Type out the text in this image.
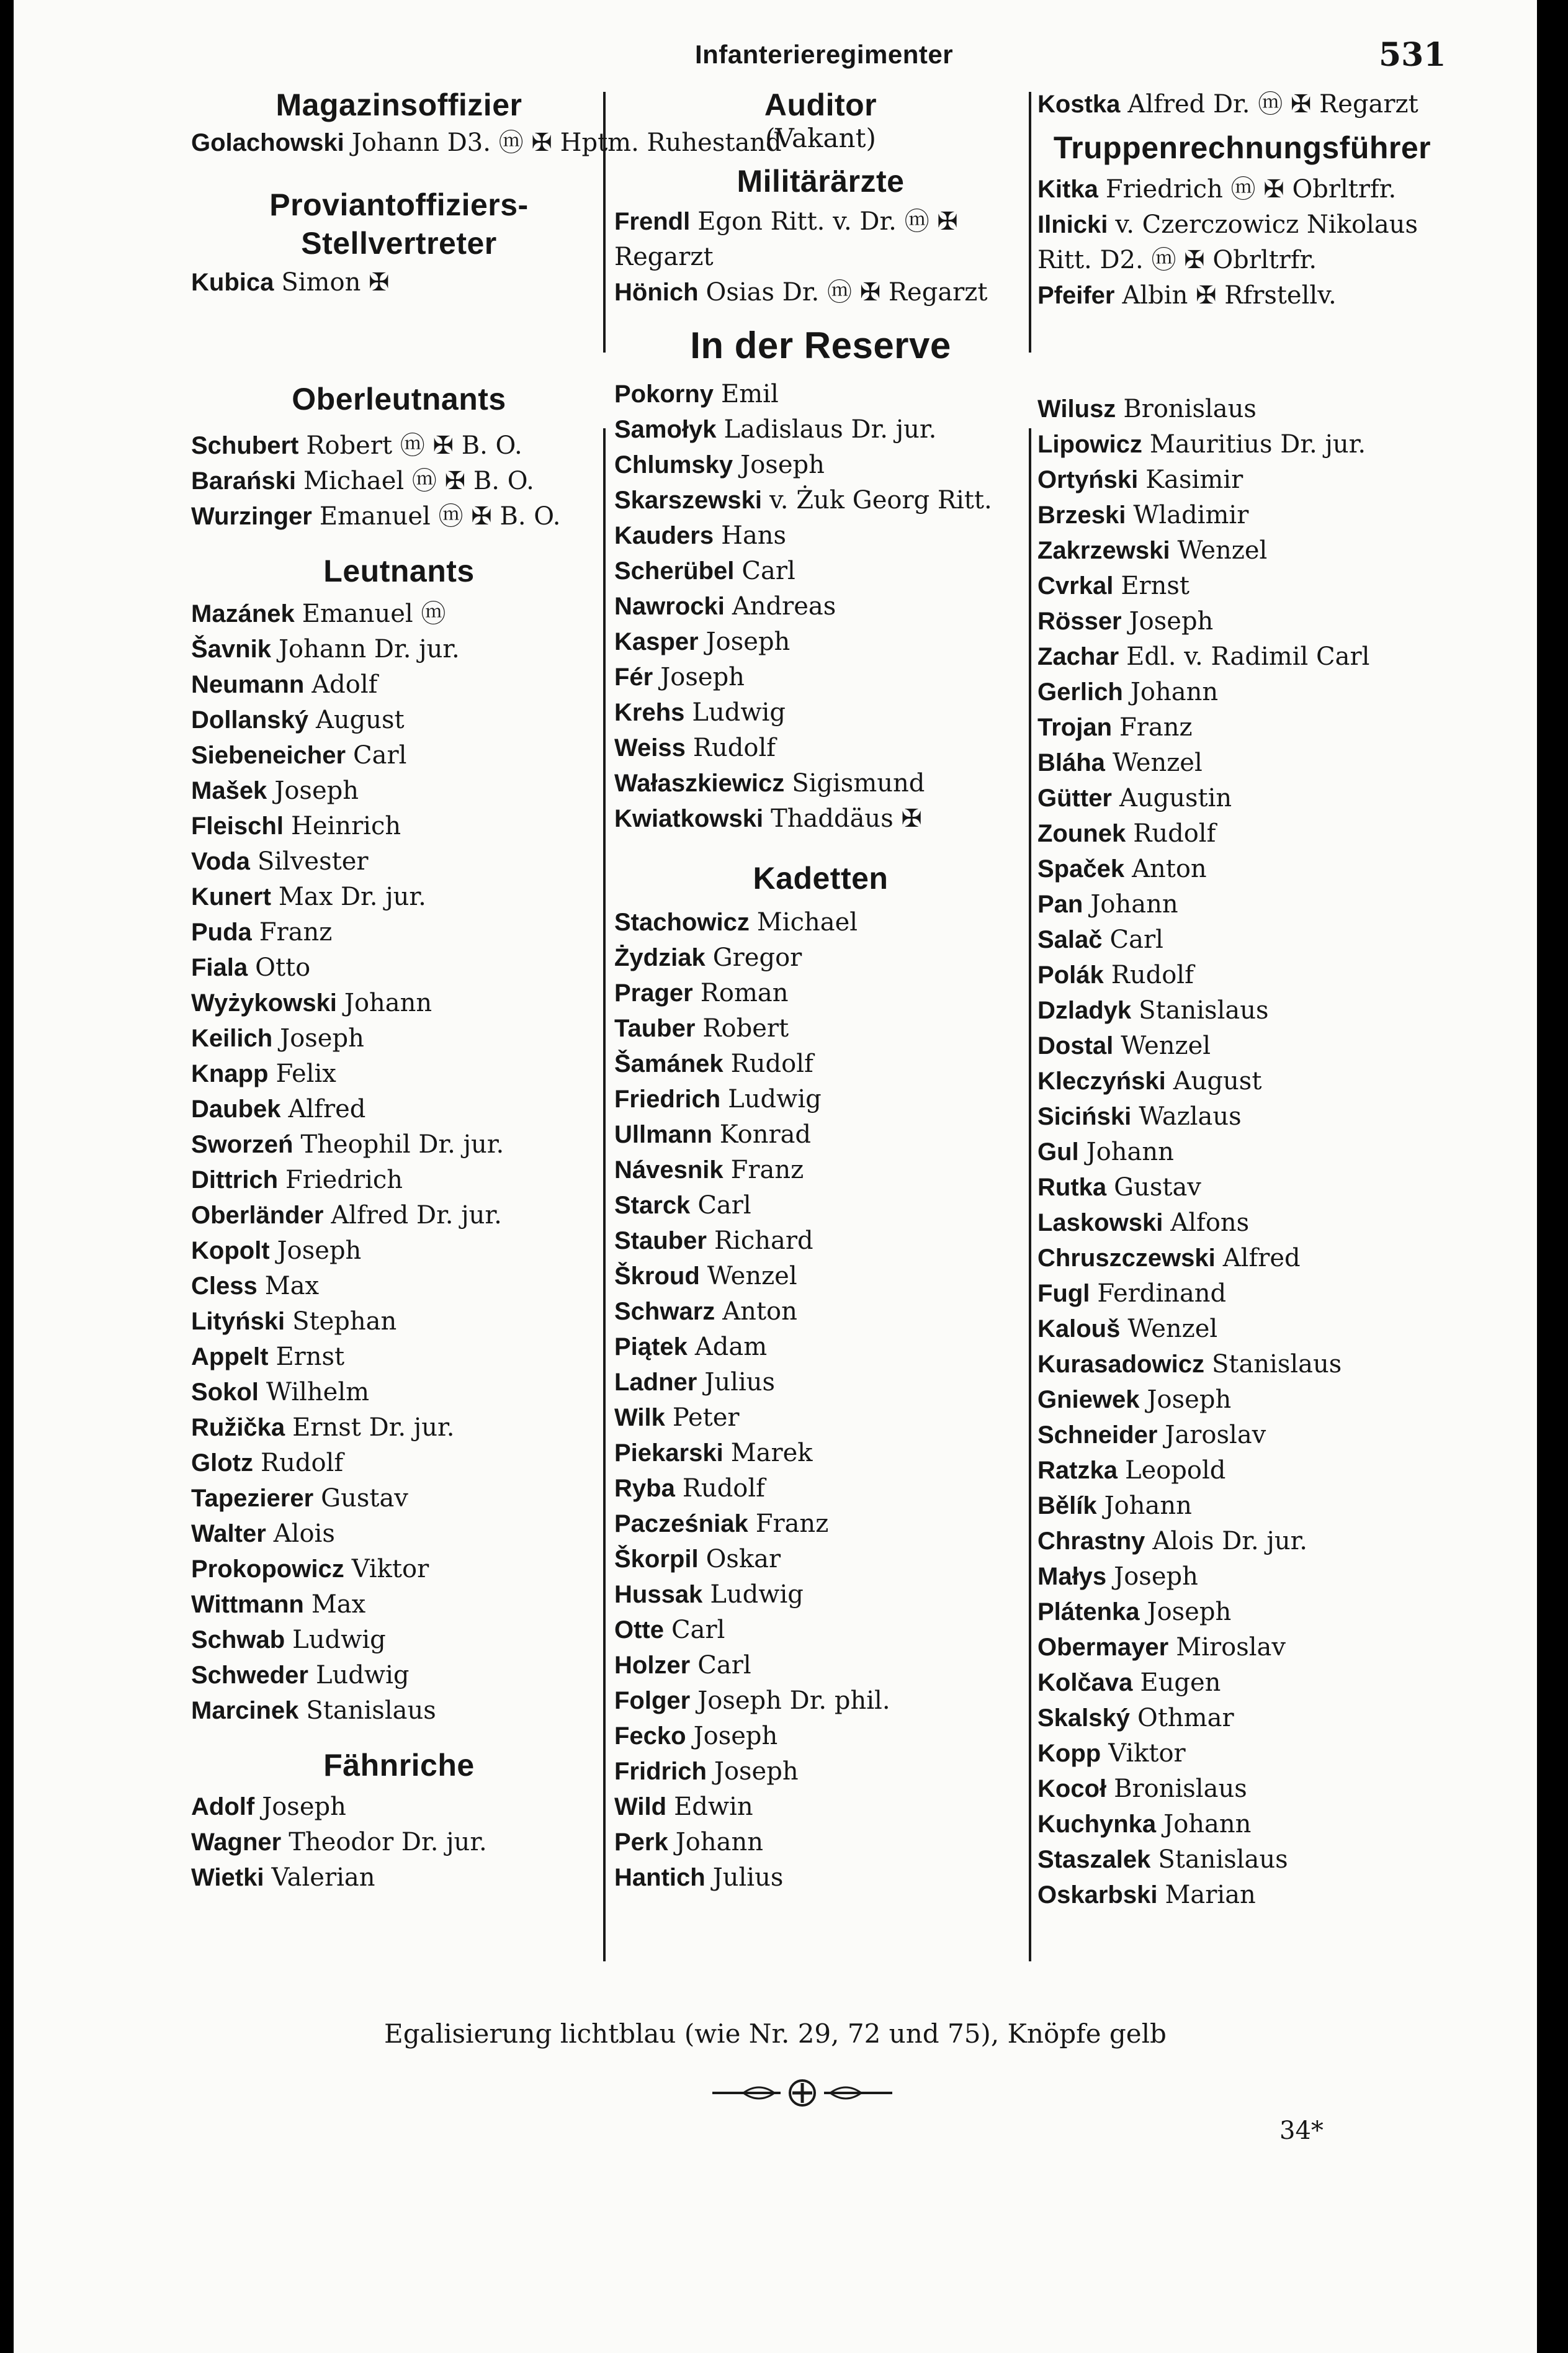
Infanterieregimenter	531
Magazinsoffizier
Golachowski Johann D3. ⓜ ✠ Hptm. Ruhestand
Proviantoffiziers-Stellvertreter
Kubica Simon ✠
Oberleutnants
Schubert Robert ⓜ ✠ B. O.
Barański Michael ⓜ ✠ B. O.
Wurzinger Emanuel ⓜ ✠ B. O.
Leutnants
Mazánek Emanuel ⓜ
Šavnik Johann Dr. jur.
Neumann Adolf
Dollanský August
Siebeneicher Carl
Mašek Joseph
Fleischl Heinrich
Voda Silvester
Kunert Max Dr. jur.
Puda Franz
Fiala Otto
Wyżykowski Johann
Keilich Joseph
Knapp Felix
Daubek Alfred
Sworzeń Theophil Dr. jur.
Dittrich Friedrich
Oberländer Alfred Dr. jur.
Kopolt Joseph
Cless Max
Lityński Stephan
Appelt Ernst
Sokol Wilhelm
Ružička Ernst Dr. jur.
Glotz Rudolf
Tapezierer Gustav
Walter Alois
Prokopowicz Viktor
Wittmann Max
Schwab Ludwig
Schweder Ludwig
Marcinek Stanislaus
Fähnriche
Adolf Joseph
Wagner Theodor Dr. jur.
Wietki Valerian
Auditor

(Vakant)

Militärärzte
Frendl Egon Ritt. v. Dr. ⓜ ✠ Regarzt
Hönich Osias Dr. ⓜ ✠ Regarzt
In der Reserve
Pokorny Emil
Samołyk Ladislaus Dr. jur.
Chlumsky Joseph
Skarszewski v. Żuk Georg Ritt.
Kauders Hans
Scherübel Carl
Nawrocki Andreas
Kasper Joseph
Fér Joseph
Krehs Ludwig
Weiss Rudolf
Wałaszkiewicz Sigismund
Kwiatkowski Thaddäus ✠
Kadetten
Stachowicz Michael
Żydziak Gregor
Prager Roman
Tauber Robert
Šamánek Rudolf
Friedrich Ludwig
Ullmann Konrad
Návesnik Franz
Starck Carl
Stauber Richard
Škroud Wenzel
Schwarz Anton
Piątek Adam
Ladner Julius
Wilk Peter
Piekarski Marek
Ryba Rudolf
Pacześniak Franz
Škorpil Oskar
Hussak Ludwig
Otte Carl
Holzer Carl
Folger Joseph Dr. phil.
Fecko Joseph
Fridrich Joseph
Wild Edwin
Perk Johann
Hantich Julius
Kostka Alfred Dr. ⓜ ✠ Regarzt
Truppenrechnungsführer
Kitka Friedrich ⓜ ✠ Obrltrfr.
Ilnicki v. Czerczowicz Nikolaus Ritt. D2. ⓜ ✠ Obrltrfr.
Pfeifer Albin ✠ Rfrstellv.
Wilusz Bronislaus
Lipowicz Mauritius Dr. jur.
Ortyński Kasimir
Brzeski Wladimir
Zakrzewski Wenzel
Cvrkal Ernst
Rösser Joseph
Zachar Edl. v. Radimil Carl
Gerlich Johann
Trojan Franz
Bláha Wenzel
Gütter Augustin
Zounek Rudolf
Spaček Anton
Pan Johann
Salač Carl
Polák Rudolf
Dzladyk Stanislaus
Dostal Wenzel
Kleczyński August
Siciński Wazlaus
Gul Johann
Rutka Gustav
Laskowski Alfons
Chruszczewski Alfred
Fugl Ferdinand
Kalouš Wenzel
Kurasadowicz Stanislaus
Gniewek Joseph
Schneider Jaroslav
Ratzka Leopold
Bělík Johann
Chrastny Alois Dr. jur.
Małys Joseph
Plátenka Joseph
Obermayer Miroslav
Kolčava Eugen
Skalský Othmar
Kopp Viktor
Kocoł Bronislaus
Kuchynka Johann
Staszalek Stanislaus
Oskarbski Marian
Egalisierung lichtblau (wie Nr. 29, 72 und 75), Knöpfe gelb
34*
